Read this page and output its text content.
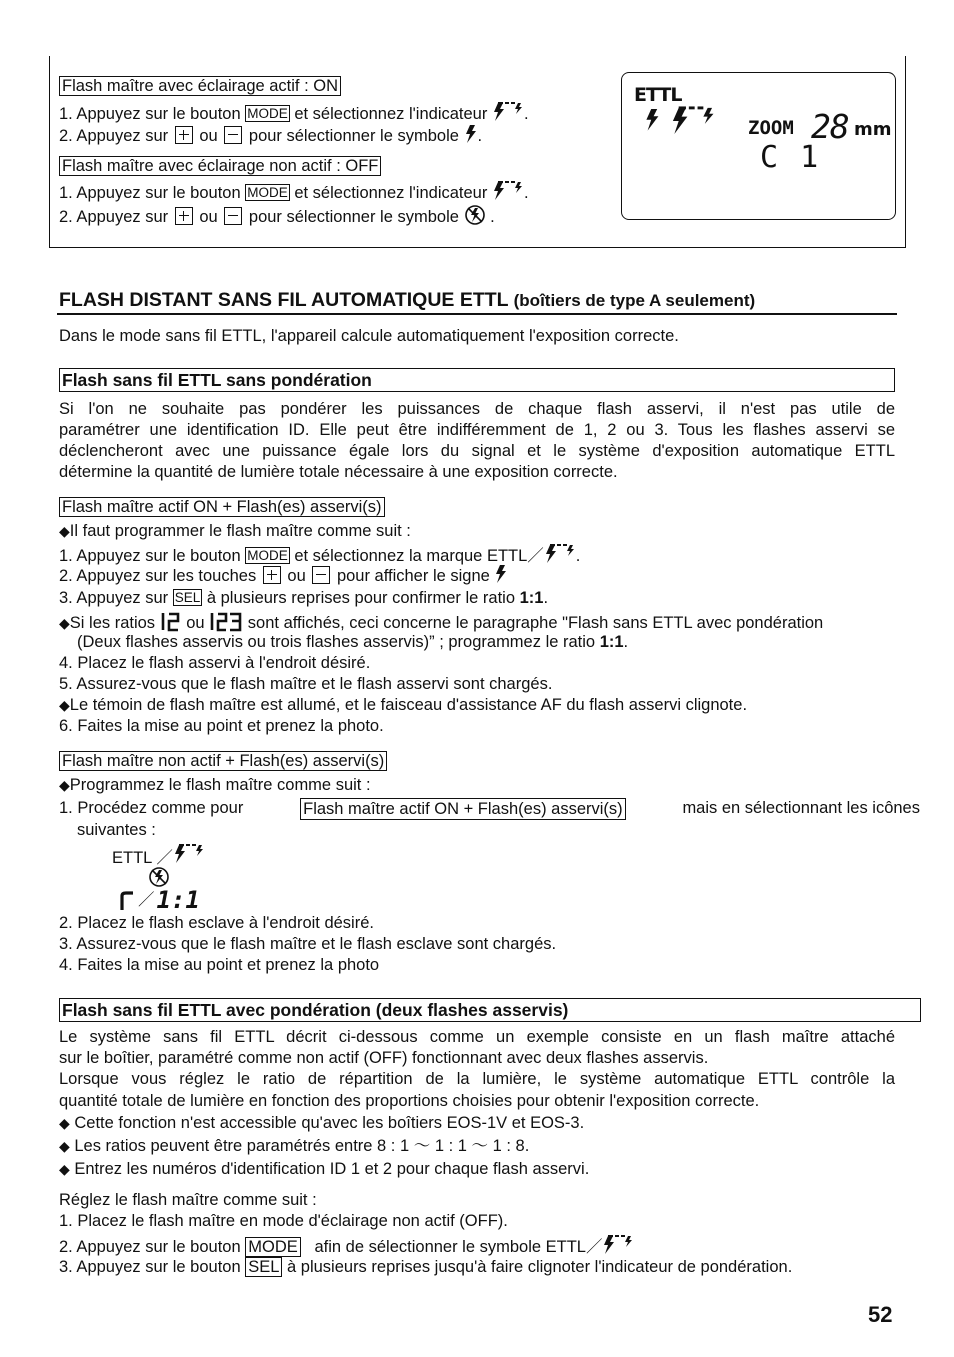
Flash maître avec éclairage actif : ON
1. Appuyez sur le bouton MODE et sélectionnez l'indicateur .
2. Appuyez sur ou pour sélectionner le symbole .
Flash maître avec éclairage non actif : OFF
1. Appuyez sur le bouton MODE et sélectionnez l'indicateur .
2. Appuyez sur ou pour sélectionner le symbole  .
ETTL
ZOOM 28 mm
C 1
FLASH DISTANT SANS FIL AUTOMATIQUE ETTL (boîtiers de type A seulement)
Dans le mode sans fil ETTL, l'appareil calcule automatiquement l'exposition correcte.
Flash sans fil ETTL sans pondération
Si l'on ne souhaite pas pondérer les puissances de chaque flash asservi, il n'est pas utile de
paramétrer une identification ID. Elle peut être indifféremment de 1, 2 ou 3. Tous les flashes asservi se
déclencheront avec une puissance égale lors du signal et le système d'exposition automatique ETTL
détermine la quantité de lumière totale nécessaire à une exposition correcte.
Flash maître actif ON + Flash(es) asservi(s)
◆Il faut programmer le flash maître comme suit :
1. Appuyez sur le bouton MODE et sélectionnez la marque ETTL／ .
2. Appuyez sur les touches ou pour afficher le signe
3. Appuyez sur SEL à plusieurs reprises pour confirmer le ratio 1:1.
◆Si les ratios ou	sont affichés, ceci concerne le paragraphe "Flash sans ETTL avec pondération
(Deux flashes asservis ou trois flashes asservis)” ; programmez le ratio 1:1.
4. Placez le flash asservi à l'endroit désiré.
5. Assurez-vous que le flash maître et le flash asservi sont chargés.
◆Le témoin de flash maître est allumé, et le faisceau d'assistance AF du flash asservi clignote.
6. Faites la mise au point et prenez la photo.
Flash maître non actif + Flash(es) asservi(s)
◆Programmez le flash maître comme suit :
1. Procédez comme pour	Flash maître actif ON + Flash(es) asservi(s)	mais en sélectionnant les icônes
suivantes :
ETTL ／
／ 1:1
2. Placez le flash esclave à l'endroit désiré.
3. Assurez-vous que le flash maître et le flash esclave sont chargés.
4. Faites la mise au point et prenez la photo
Flash sans fil ETTL avec pondération (deux flashes asservis)
Le système sans fil ETTL décrit ci-dessous comme un exemple consiste en un flash maître attaché
sur le boîtier, paramétré comme non actif (OFF) fonctionnant avec deux flashes asservis.
Lorsque vous réglez le ratio de répartition de la lumière, le système automatique ETTL contrôle la
quantité totale de lumière en fonction des proportions choisies pour obtenir l'exposition correcte.
◆ Cette fonction n'est accessible qu'avec les boîtiers EOS-1V et EOS-3.
◆ Les ratios peuvent être paramétrés entre 8 : 1 ～ 1 : 1 ～ 1 : 8.
◆ Entrez les numéros d'identification ID 1 et 2 pour chaque flash asservi.
Réglez le flash maître comme suit :
1. Placez le flash maître en mode d'éclairage non actif (OFF).
2. Appuyez sur le bouton MODE afin de sélectionner le symbole ETTL／
3. Appuyez sur le bouton SEL à plusieurs reprises jusqu'à faire clignoter l'indicateur de pondération.
52
